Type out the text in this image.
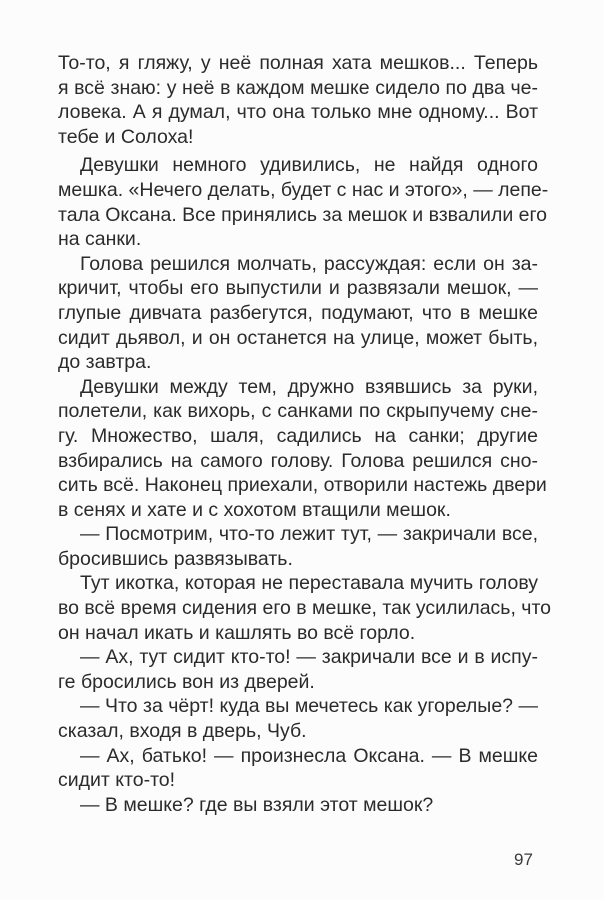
То-то, я гляжу, у неё полная хата мешков... Теперь
я всё знаю: у неё в каждом мешке сидело по два че-
ловека. А я думал, что она только мне одному... Вот
тебе и Солоха!
Девушки немного удивились, не найдя одного
мешка. «Нечего делать, будет с нас и этого», — лепе-
тала Оксана. Все принялись за мешок и взвалили его
на санки.
Голова решился молчать, рассуждая: если он за-
кричит, чтобы его выпустили и развязали мешок, —
глупые дивчата разбегутся, подумают, что в мешке
сидит дьявол, и он останется на улице, может быть,
до завтра.
Девушки между тем, дружно взявшись за руки,
полетели, как вихорь, с санками по скрыпучему сне-
гу. Множество, шаля, садились на санки; другие
взбирались на самого голову. Голова решился сно-
сить всё. Наконец приехали, отворили настежь двери
в сенях и хате и с хохотом втащили мешок.
— Посмотрим, что-то лежит тут, — закричали все,
бросившись развязывать.
Тут икотка, которая не переставала мучить голову
во всё время сидения его в мешке, так усилилась, что
он начал икать и кашлять во всё горло.
— Ах, тут сидит кто-то! — закричали все и в испу-
ге бросились вон из дверей.
— Что за чёрт! куда вы мечетесь как угорелые? —
сказал, входя в дверь, Чуб.
— Ах, батько! — произнесла Оксана. — В мешке
сидит кто-то!
— В мешке? где вы взяли этот мешок?
97
